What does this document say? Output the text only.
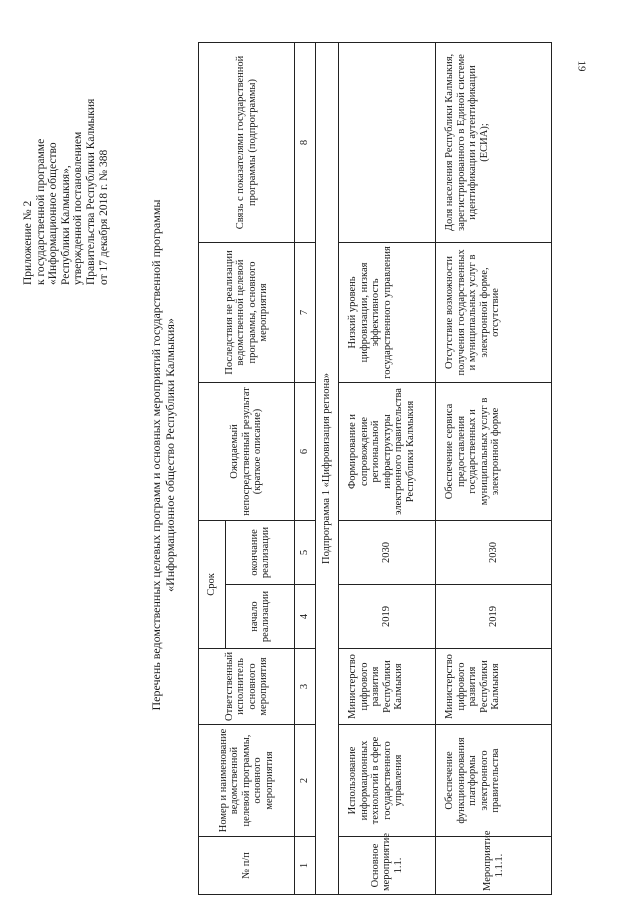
19
Приложение № 2 к государственной программе «Информационное общество Республики Калмыкия», утвержденной постановлением Правительства Республики Калмыкия от 17 декабря 2018 г. № 388	Перечень ведомственных целевых программ и основных мероприятий государственной программы «Информационное общество Республики Калмыкия»
№ п/п	Номер и наименование ведомственной целевой программы, основного мероприятия	Ответственный исполнитель основного мероприятия	Срок		Ожидаемый непосредственный результат (краткое описание)	Последствия не реализации ведомственной целевой программы, основного мероприятия	Связь с показателями государственной программы (подпрограммы)
			начало реализации	окончание реализации			
1	2	3	4	5	6	7	8
Подпрограмма 1 «Цифровизация региона»							
Основное мероприятие 1.1.	Использование информационных технологий в сфере государственного управления	Министерство цифрового развития Республики Калмыкия	2019	2030	Формирование и сопровождение региональной инфраструктуры электронного правительства Республики Калмыкия	Низкий уровень цифровизации, низкая эффективность государственного управления	
Мероприятие 1.1.1.	Обеспечение функционирования платформы электронного правительства	Министерство цифрового развития Республики Калмыкия	2019	2030	Обеспечение сервиса предоставления государственных и муниципальных услуг в электронной форме	Отсутствие возможности получения государственных и муниципальных услуг в электронной форме, отсутствие	Доля населения Республики Калмыкия, зарегистрированного в Единой системе идентификации и аутентификации (ЕСИА);
